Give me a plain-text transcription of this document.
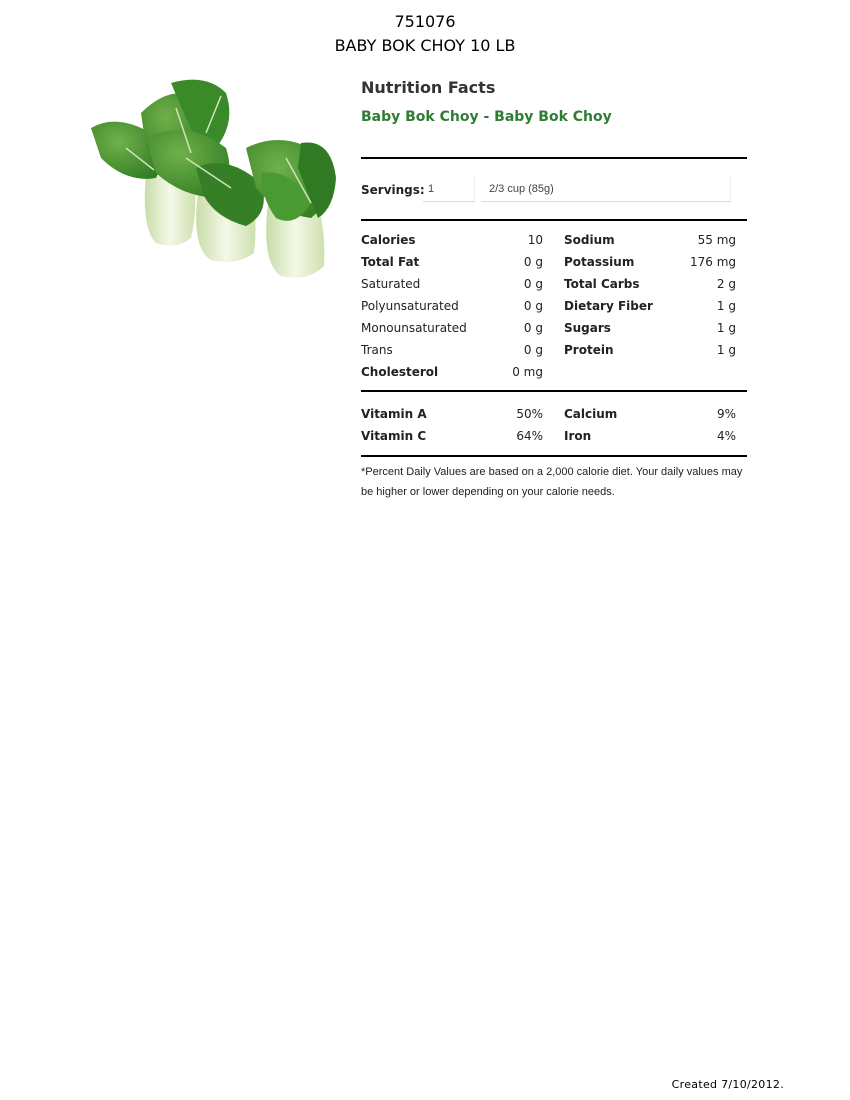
751076
BABY BOK CHOY 10 LB
Nutrition Facts
Baby Bok Choy - Baby Bok Choy
Servings: 1	2/3 cup (85g)
Calories	10 Sodium	55 mg
Total Fat	0 g Potassium	176 mg
Saturated	0 g Total Carbs	2 g
Polyunsaturated	0 g Dietary Fiber	1 g
Monounsaturated	0 g Sugars	1 g
Trans	0 g Protein	1 g
Cholesterol	0 mg
Vitamin A	50% Calcium	9%
Vitamin C	64% Iron	4%
*Percent Daily Values are based on a 2,000 calorie diet. Your daily values may be higher or lower depending on your calorie needs.
Created 7/10/2012.
